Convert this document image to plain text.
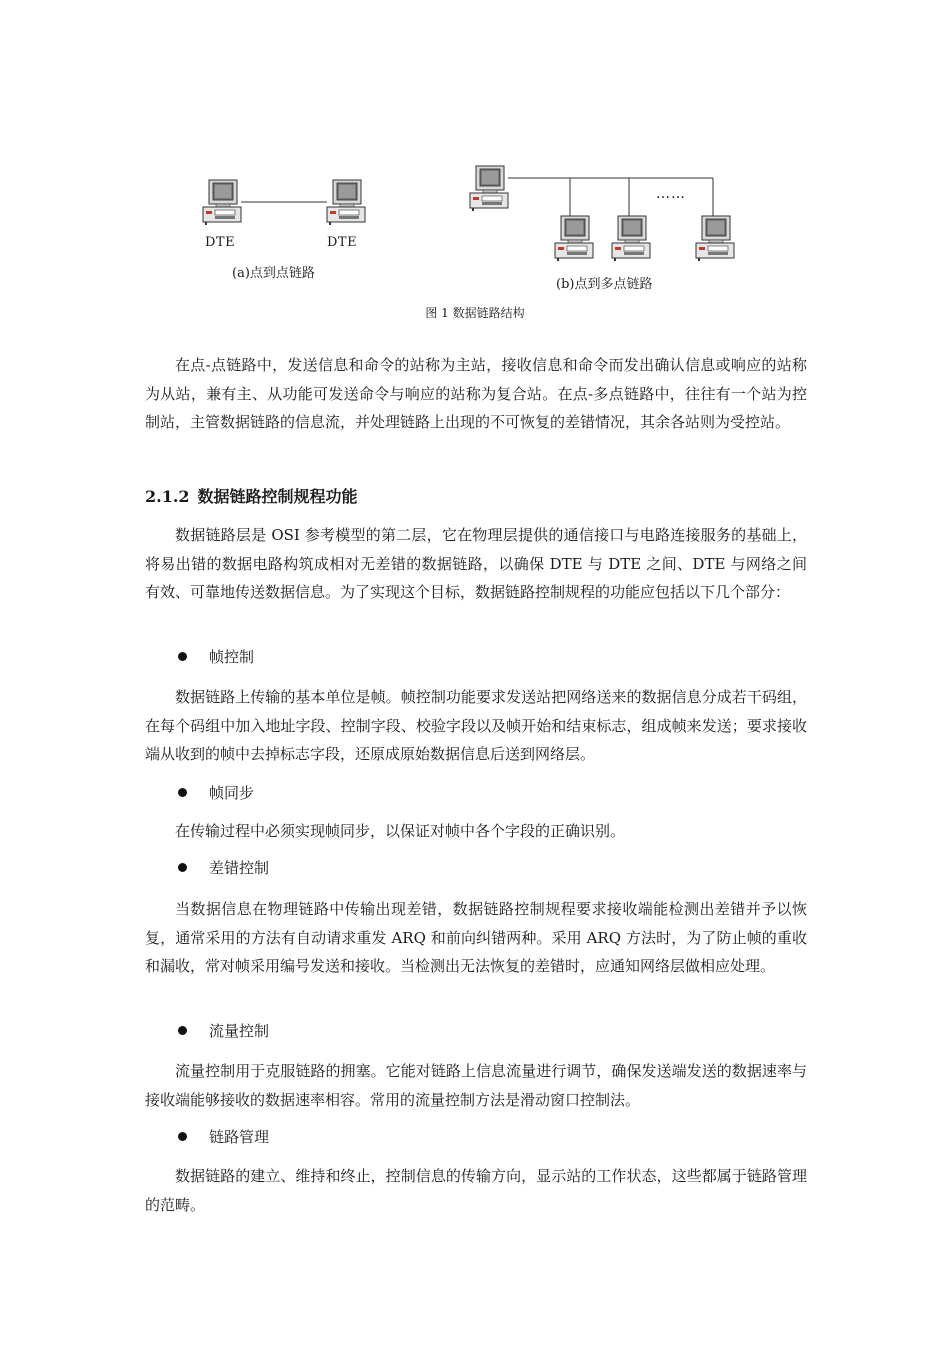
DTE	DTE
(a)点到点链路
……
(b)点到多点链路
图 1 数据链路结构
在点-点链路中，发送信息和命令的站称为主站，接收信息和命令而发出确认信息或响应的站称为从站，兼有主、从功能可发送命令与响应的站称为复合站。在点-多点链路中，往往有一个站为控制站，主管数据链路的信息流，并处理链路上出现的不可恢复的差错情况，其余各站则为受控站。
2.1.2 数据链路控制规程功能
数据链路层是 OSI 参考模型的第二层，它在物理层提供的通信接口与电路连接服务的基础上，将易出错的数据电路构筑成相对无差错的数据链路，以确保 DTE 与 DTE 之间、DTE 与网络之间有效、可靠地传送数据信息。为了实现这个目标，数据链路控制规程的功能应包括以下几个部分：
帧控制
数据链路上传输的基本单位是帧。帧控制功能要求发送站把网络送来的数据信息分成若干码组，在每个码组中加入地址字段、控制字段、校验字段以及帧开始和结束标志，组成帧来发送；要求接收端从收到的帧中去掉标志字段，还原成原始数据信息后送到网络层。
帧同步
在传输过程中必须实现帧同步，以保证对帧中各个字段的正确识别。
差错控制
当数据信息在物理链路中传输出现差错，数据链路控制规程要求接收端能检测出差错并予以恢复，通常采用的方法有自动请求重发 ARQ 和前向纠错两种。采用 ARQ 方法时，为了防止帧的重收和漏收，常对帧采用编号发送和接收。当检测出无法恢复的差错时，应通知网络层做相应处理。
流量控制
流量控制用于克服链路的拥塞。它能对链路上信息流量进行调节，确保发送端发送的数据速率与接收端能够接收的数据速率相容。常用的流量控制方法是滑动窗口控制法。
链路管理
数据链路的建立、维持和终止，控制信息的传输方向，显示站的工作状态，这些都属于链路管理的范畴。
